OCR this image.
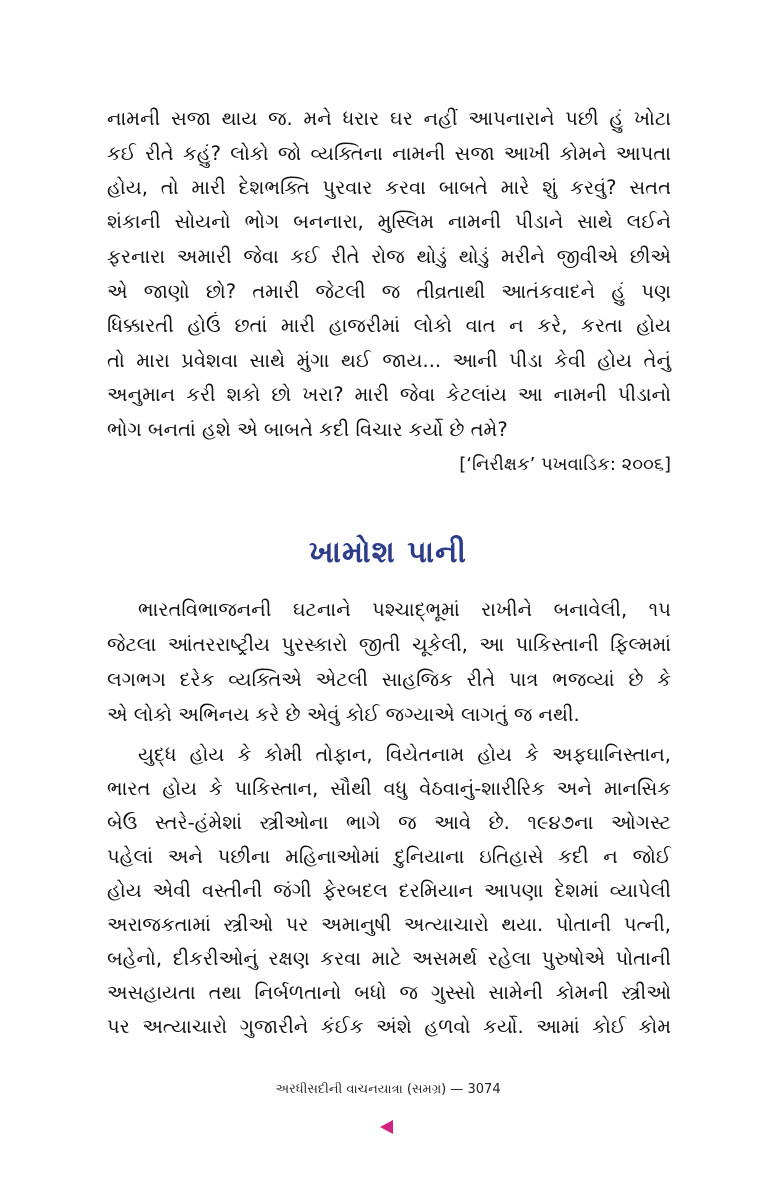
નામની સજા થાય જ. મને ધરાર ઘર નહીં આપનારાને પછી હું ખોટા

કઈ રીતે કહું? લોકો જો વ્યક્તિના નામની સજા આખી કોમને આપતા

હોય, તો મારી દેશભક્તિ પુરવાર કરવા બાબતે મારે શું કરવું? સતત

શંકાની સોયનો ભોગ બનનારા, મુસ્લિમ નામની પીડાને સાથે લઈને

ફરનારા અમારી જેવા કઈ રીતે રોજ થોડું થોડું મરીને જીવીએ છીએ

એ જાણો છો? તમારી જેટલી જ તીવ્રતાથી આતંકવાદને હું પણ

ધિક્કારતી હોઉં છતાં મારી હાજરીમાં લોકો વાત ન કરે, કરતા હોય

તો મારા પ્રવેશવા સાથે મુંગા થઈ જાય... આની પીડા કેવી હોય તેનું

અનુમાન કરી શકો છો ખરા? મારી જેવા કેટલાંય આ નામની પીડાનો

ભોગ બનતાં હશે એ બાબતે કદી વિચાર કર્યો છે તમે?

[‘નિરીક્ષક’ પખવાડિક: ૨૦૦૬]
ખામોશ પાની

ભારતવિભાજનની ઘટનાને પશ્ચાદ્ભૂમાં રાખીને બનાવેલી, ૧૫

જેટલા આંતરરાષ્ટ્રીય પુરસ્કારો જીતી ચૂકેલી, આ પાકિસ્તાની ફિલ્મમાં

લગભગ દરેક વ્યક્તિએ એટલી સાહજિક રીતે પાત્ર ભજવ્યાં છે કે

એ લોકો અભિનય કરે છે એવું કોઈ જગ્યાએ લાગતું જ નથી.

યુદ્ધ હોય કે કોમી તોફાન, વિયેતનામ હોય કે અફઘાનિસ્તાન,

ભારત હોય કે પાકિસ્તાન, સૌથી વધુ વેઠવાનું-શારીરિક અને માનસિક

બેઉ સ્તરે-હંમેશાં સ્ત્રીઓના ભાગે જ આવે છે. ૧૯૪૭ના ઓગસ્ટ

પહેલાં અને પછીના મહિનાઓમાં દુનિયાના ઇતિહાસે કદી ન જોઈ

હોય એવી વસ્તીની જંગી ફેરબદલ દરમિયાન આપણા દેશમાં વ્યાપેલી

અરાજકતામાં સ્ત્રીઓ પર અમાનુષી અત્યાચારો થયા. પોતાની પત્ની,

બહેનો, દીકરીઓનું રક્ષણ કરવા માટે અસમર્થ રહેલા પુરુષોએ પોતાની

અસહાયતા તથા નિર્બળતાનો બધો જ ગુસ્સો સામેની કોમની સ્ત્રીઓ

પર અત્યાચારો ગુજારીને કંઈક અંશે હળવો કર્યો. આમાં કોઈ કોમ

અરધીસદીની વાચનયાત્રા (સમગ્ર) — 3074
